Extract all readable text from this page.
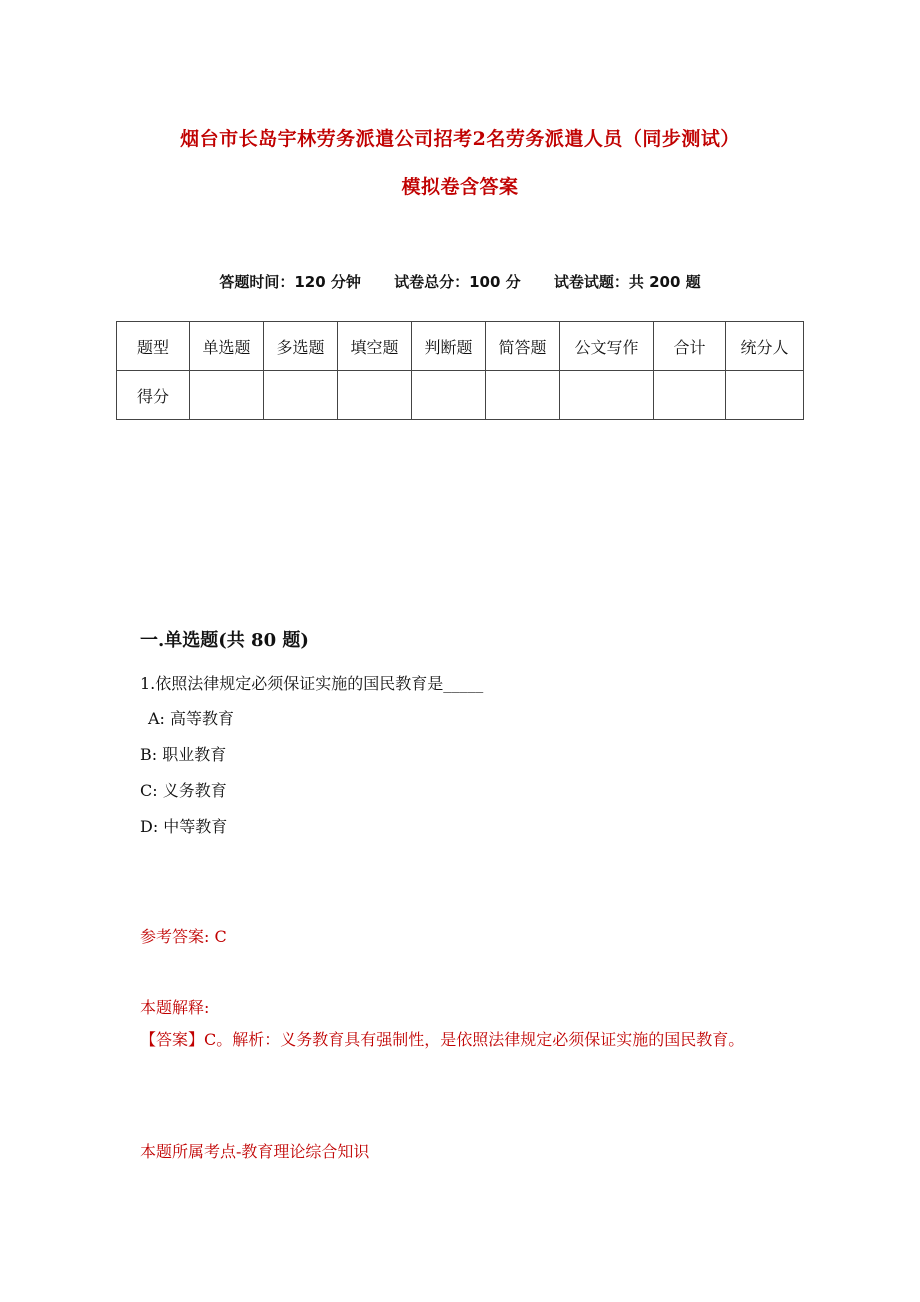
烟台市长岛宇林劳务派遣公司招考2名劳务派遣人员（同步测试）
模拟卷含答案
答题时间：120 分钟 试卷总分：100 分 试卷试题：共 200 题
题型	单选题	多选题	填空题	判断题	简答题	公文写作	合计	统分人
得分								
一.单选题(共 80 题)
1.依照法律规定必须保证实施的国民教育是_____
A: 高等教育
B: 职业教育
C: 义务教育
D: 中等教育
参考答案: C
本题解释:
【答案】C。解析：义务教育具有强制性，是依照法律规定必须保证实施的国民教育。
本题所属考点-教育理论综合知识
